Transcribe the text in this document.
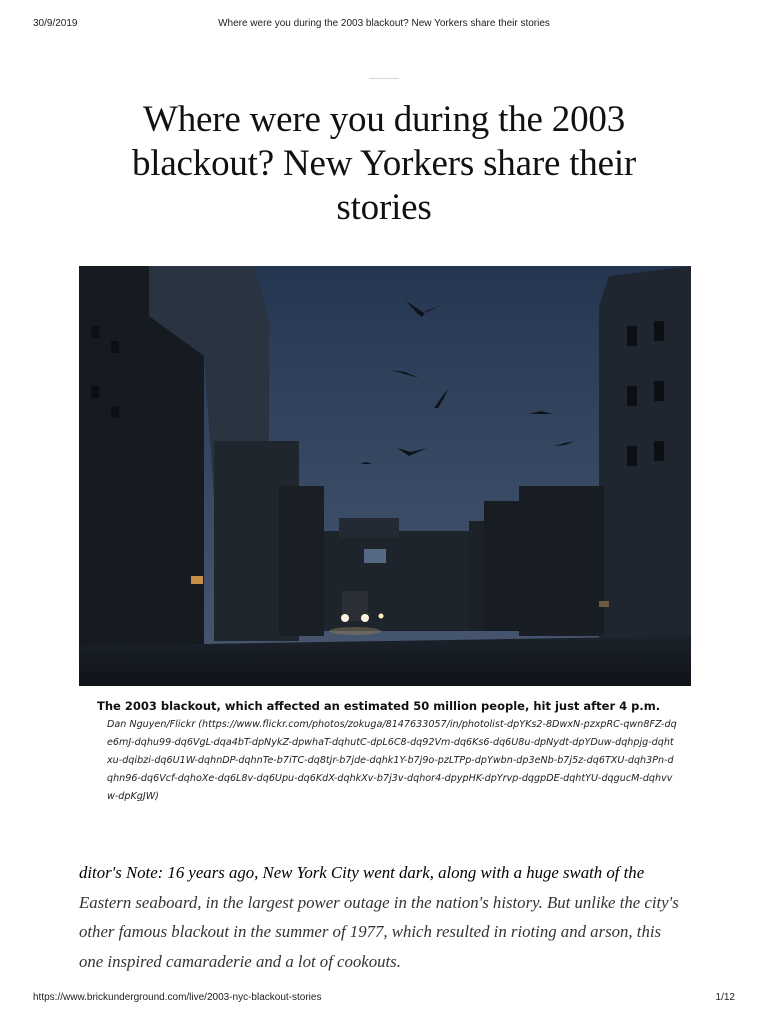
30/9/2019	Where were you during the 2003 blackout? New Yorkers share their stories
Where were you during the 2003 blackout? New Yorkers share their stories

The 2003 blackout, which affected an estimated 50 million people, hit just after 4 p.m.

Dan Nguyen/Flickr (https://www.flickr.com/photos/zokuga/8147633057/in/photolist-dpYKs2-8DwxN-pzxpRC-qwn8FZ-dqe6mJ-dqhu99-dq6VgL-dqa4bT-dpNykZ-dpwhaT-dqhutC-dpL6C8-dq92Vm-dq6Ks6-dq6U8u-dpNydt-dpYDuw-dqhpjg-dqhtxu-dqibzi-dq6U1W-dqhnDP-dqhnTe-b7iTC-dq8tjr-b7jde-dqhk1Y-b7j9o-pzLTPp-dpYwbn-dp3eNb-b7j5z-dq6TXU-dqh3Pn-dqhn96-dq6Vcf-dqhoXe-dq6L8v-dq6Upu-dq6KdX-dqhkXv-b7j3v-dqhor4-dpypHK-dpYrvp-dqgpDE-dqhtYU-dqgucM-dqhvvw-dpKgJW)

ditor's Note: 16 years ago, New York City went dark, along with a huge swath of the Eastern seaboard, in the largest power outage in the nation's history. But unlike the city's other famous blackout in the summer of 1977, which resulted in rioting and arson, this one inspired camaraderie and a lot of cookouts.

https://www.brickunderground.com/live/2003-nyc-blackout-stories	1/12
